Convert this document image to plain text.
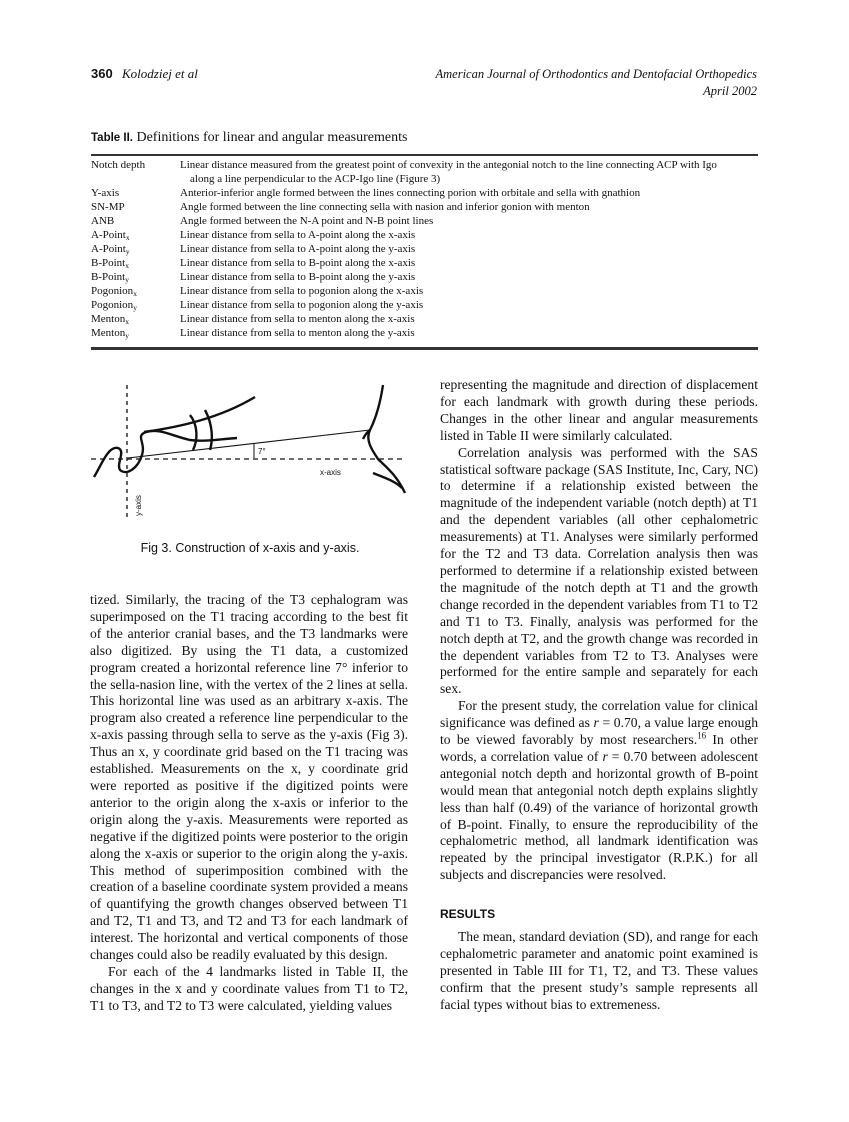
360 Kolodziej et al	American Journal of Orthodontics and Dentofacial Orthopedics
April 2002
Table II. Definitions for linear and angular measurements
Notch depth	Linear distance measured from the greatest point of convexity in the antegonial notch to the line connecting ACP with Igo
along a line perpendicular to the ACP-Igo line (Figure 3)

Y-axis	Anterior-inferior angle formed between the lines connecting porion with orbitale and sella with gnathion

SN-MP	Angle formed between the line connecting sella with nasion and inferior gonion with menton

ANB	Angle formed between the N-A point and N-B point lines

A-Point$_x$	Linear distance from sella to A-point along the x-axis

A-Point$_y$	Linear distance from sella to A-point along the y-axis

B-Point$_x$	Linear distance from sella to B-point along the x-axis

B-Point$_y$	Linear distance from sella to B-point along the y-axis

Pogonion$_x$	Linear distance from sella to pogonion along the x-axis

Pogonion$_y$	Linear distance from sella to pogonion along the y-axis

Menton$_x$	Linear distance from sella to menton along the x-axis

Menton$_y$	Linear distance from sella to menton along the y-axis
7°
x-axis
y-axis
Fig 3. Construction of x-axis and y-axis.

tized. Similarly, the tracing of the T3 cephalogram was superimposed on the T1 tracing according to the best fit of the anterior cranial bases, and the T3 landmarks were also digitized. By using the T1 data, a customized program created a horizontal reference line 7° inferior to the sella-nasion line, with the vertex of the 2 lines at sella. This horizontal line was used as an arbitrary x-axis. The program also created a reference line perpendicular to the x-axis passing through sella to serve as the y-axis (Fig 3). Thus an x, y coordinate grid based on the T1 tracing was established. Measurements on the x, y coordinate grid were reported as positive if the digitized points were anterior to the origin along the x-axis or inferior to the origin along the y-axis. Measurements were reported as negative if the digitized points were posterior to the origin along the x-axis or superior to the origin along the y-axis. This method of superimposition combined with the creation of a baseline coordinate system provided a means of quantifying the growth changes observed between T1 and T2, T1 and T3, and T2 and T3 for each landmark of interest. The horizontal and vertical components of those changes could also be readily evaluated by this design.

For each of the 4 landmarks listed in Table II, the changes in the x and y coordinate values from T1 to T2, T1 to T3, and T2 to T3 were calculated, yielding values

representing the magnitude and direction of displacement for each landmark with growth during these periods. Changes in the other linear and angular measurements listed in Table II were similarly calculated.

Correlation analysis was performed with the SAS statistical software package (SAS Institute, Inc, Cary, NC) to determine if a relationship existed between the magnitude of the independent variable (notch depth) at T1 and the dependent variables (all other cephalometric measurements) at T1. Analyses were similarly performed for the T2 and T3 data. Correlation analysis then was performed to determine if a relationship existed between the magnitude of the notch depth at T1 and the growth change recorded in the dependent variables from T1 to T2 and T1 to T3. Finally, analysis was performed for the notch depth at T2, and the growth change was recorded in the dependent variables from T2 to T3. Analyses were performed for the entire sample and separately for each sex.

For the present study, the correlation value for clinical significance was defined as r = 0.70, a value large enough to be viewed favorably by most researchers.$^{16}$ In other words, a correlation value of r = 0.70 between adolescent antegonial notch depth and horizontal growth of B-point would mean that antegonial notch depth explains slightly less than half (0.49) of the variance of horizontal growth of B-point. Finally, to ensure the reproducibility of the cephalometric method, all landmark identification was repeated by the principal investigator (R.P.K.) for all subjects and discrepancies were resolved.

RESULTS

The mean, standard deviation (SD), and range for each cephalometric parameter and anatomic point examined is presented in Table III for T1, T2, and T3. These values confirm that the present study’s sample represents all facial types without bias to extremeness.
